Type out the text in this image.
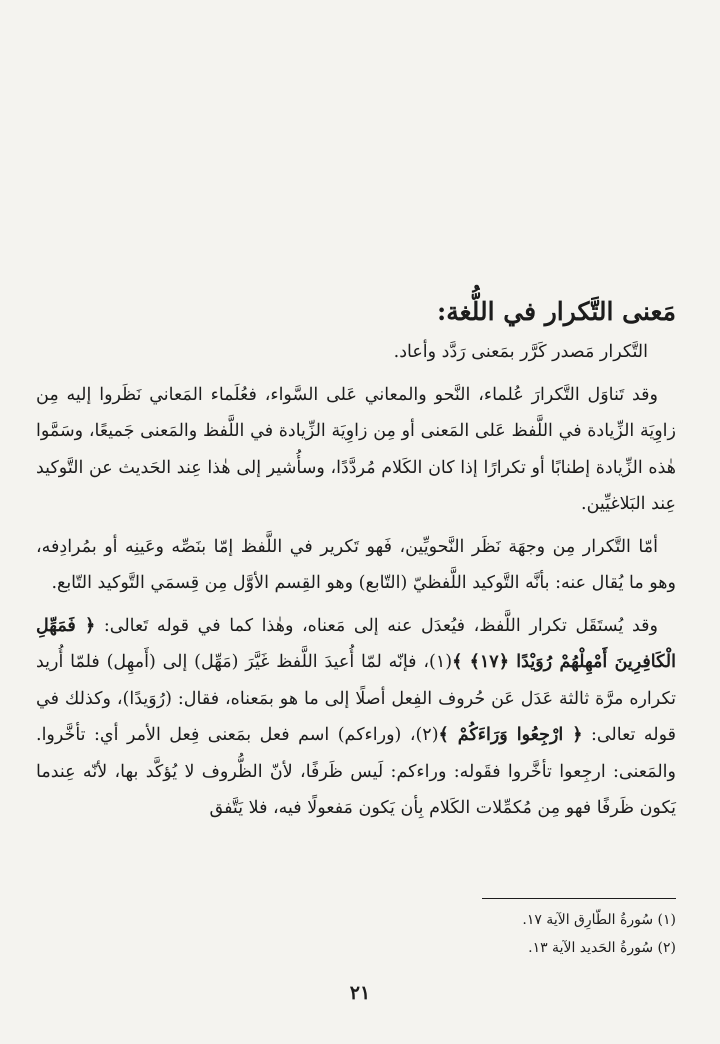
مَعنى التَّكرار في اللُّغة:

التَّكرار مَصدر كَرَّر بمَعنى رَدَّد وأعاد.

وقد تَناوَل التَّكرارَ عُلماء، النَّحو والمعاني عَلى السَّواء، فعُلَماء المَعاني نَظَروا إليه مِن زاوِيَة الزِّيادة في اللَّفظ عَلى المَعنى أو مِن زاوِيَة الزِّيادة في اللَّفظ والمَعنى جَميعًا، وسَمَّوا هٰذه الزِّيادة إطنابًا أو تكرارًا إذا كان الكَلام مُردَّدًا، وسأُشير إلى هٰذا عِند الحَديث عن التَّوكيد عِند البَلاغيِّين.

أمّا التَّكرار مِن وجهَة نَظَر النَّحويِّين، فَهو تَكرير في اللَّفظ إمّا بنَصِّه وعَينِه أو بمُرادِفه، وهو ما يُقال عنه: بأنَّه التَّوكيد اللَّفظيّ (التّابع) وهو القِسم الأوَّل مِن قِسمَي التَّوكيد التّابع.

وقد يُستَقَل تكرار اللَّفظ، فيُعدَل عنه إلى مَعناه، وهٰذا كما في قوله تَعالى: ﴿ فَمَهِّلِ الْكَافِرِينَ أَمْهِلْهُمْ رُوَيْدًا ﴿١٧﴾ ﴾(١)، فإنّه لمّا أُعيدَ اللَّفظ غَيَّرَ (مَهِّل) إلى (أَمهِل) فلمّا أُريد تكراره مرَّة ثالثة عَدَل عَن حُروف الفِعل أصلًا إلى ما هو بمَعناه، فقال: (رُوَيدًا)، وكذلك في قوله تعالى: ﴿ ارْجِعُوا وَرَاءَكُمْ ﴾(٢)، (وراءكم) اسم فعل بمَعنى فِعل الأمر أي: تأخَّروا. والمَعنى: ارجِعوا تأخَّروا فقَوله: وراءكم: لَيس ظَرفًا، لأنّ الظُّروف لا يُؤكَّد بها، لأنّه عِندما يَكون ظَرفًا فهو مِن مُكمِّلات الكَلام بِأن يَكون مَفعولًا فيه، فلا يَتَّفق

(١) سُورةُ الطّارِق الآية ١٧.
(٢) سُورةُ الحَديد الآية ١٣.
٢١
